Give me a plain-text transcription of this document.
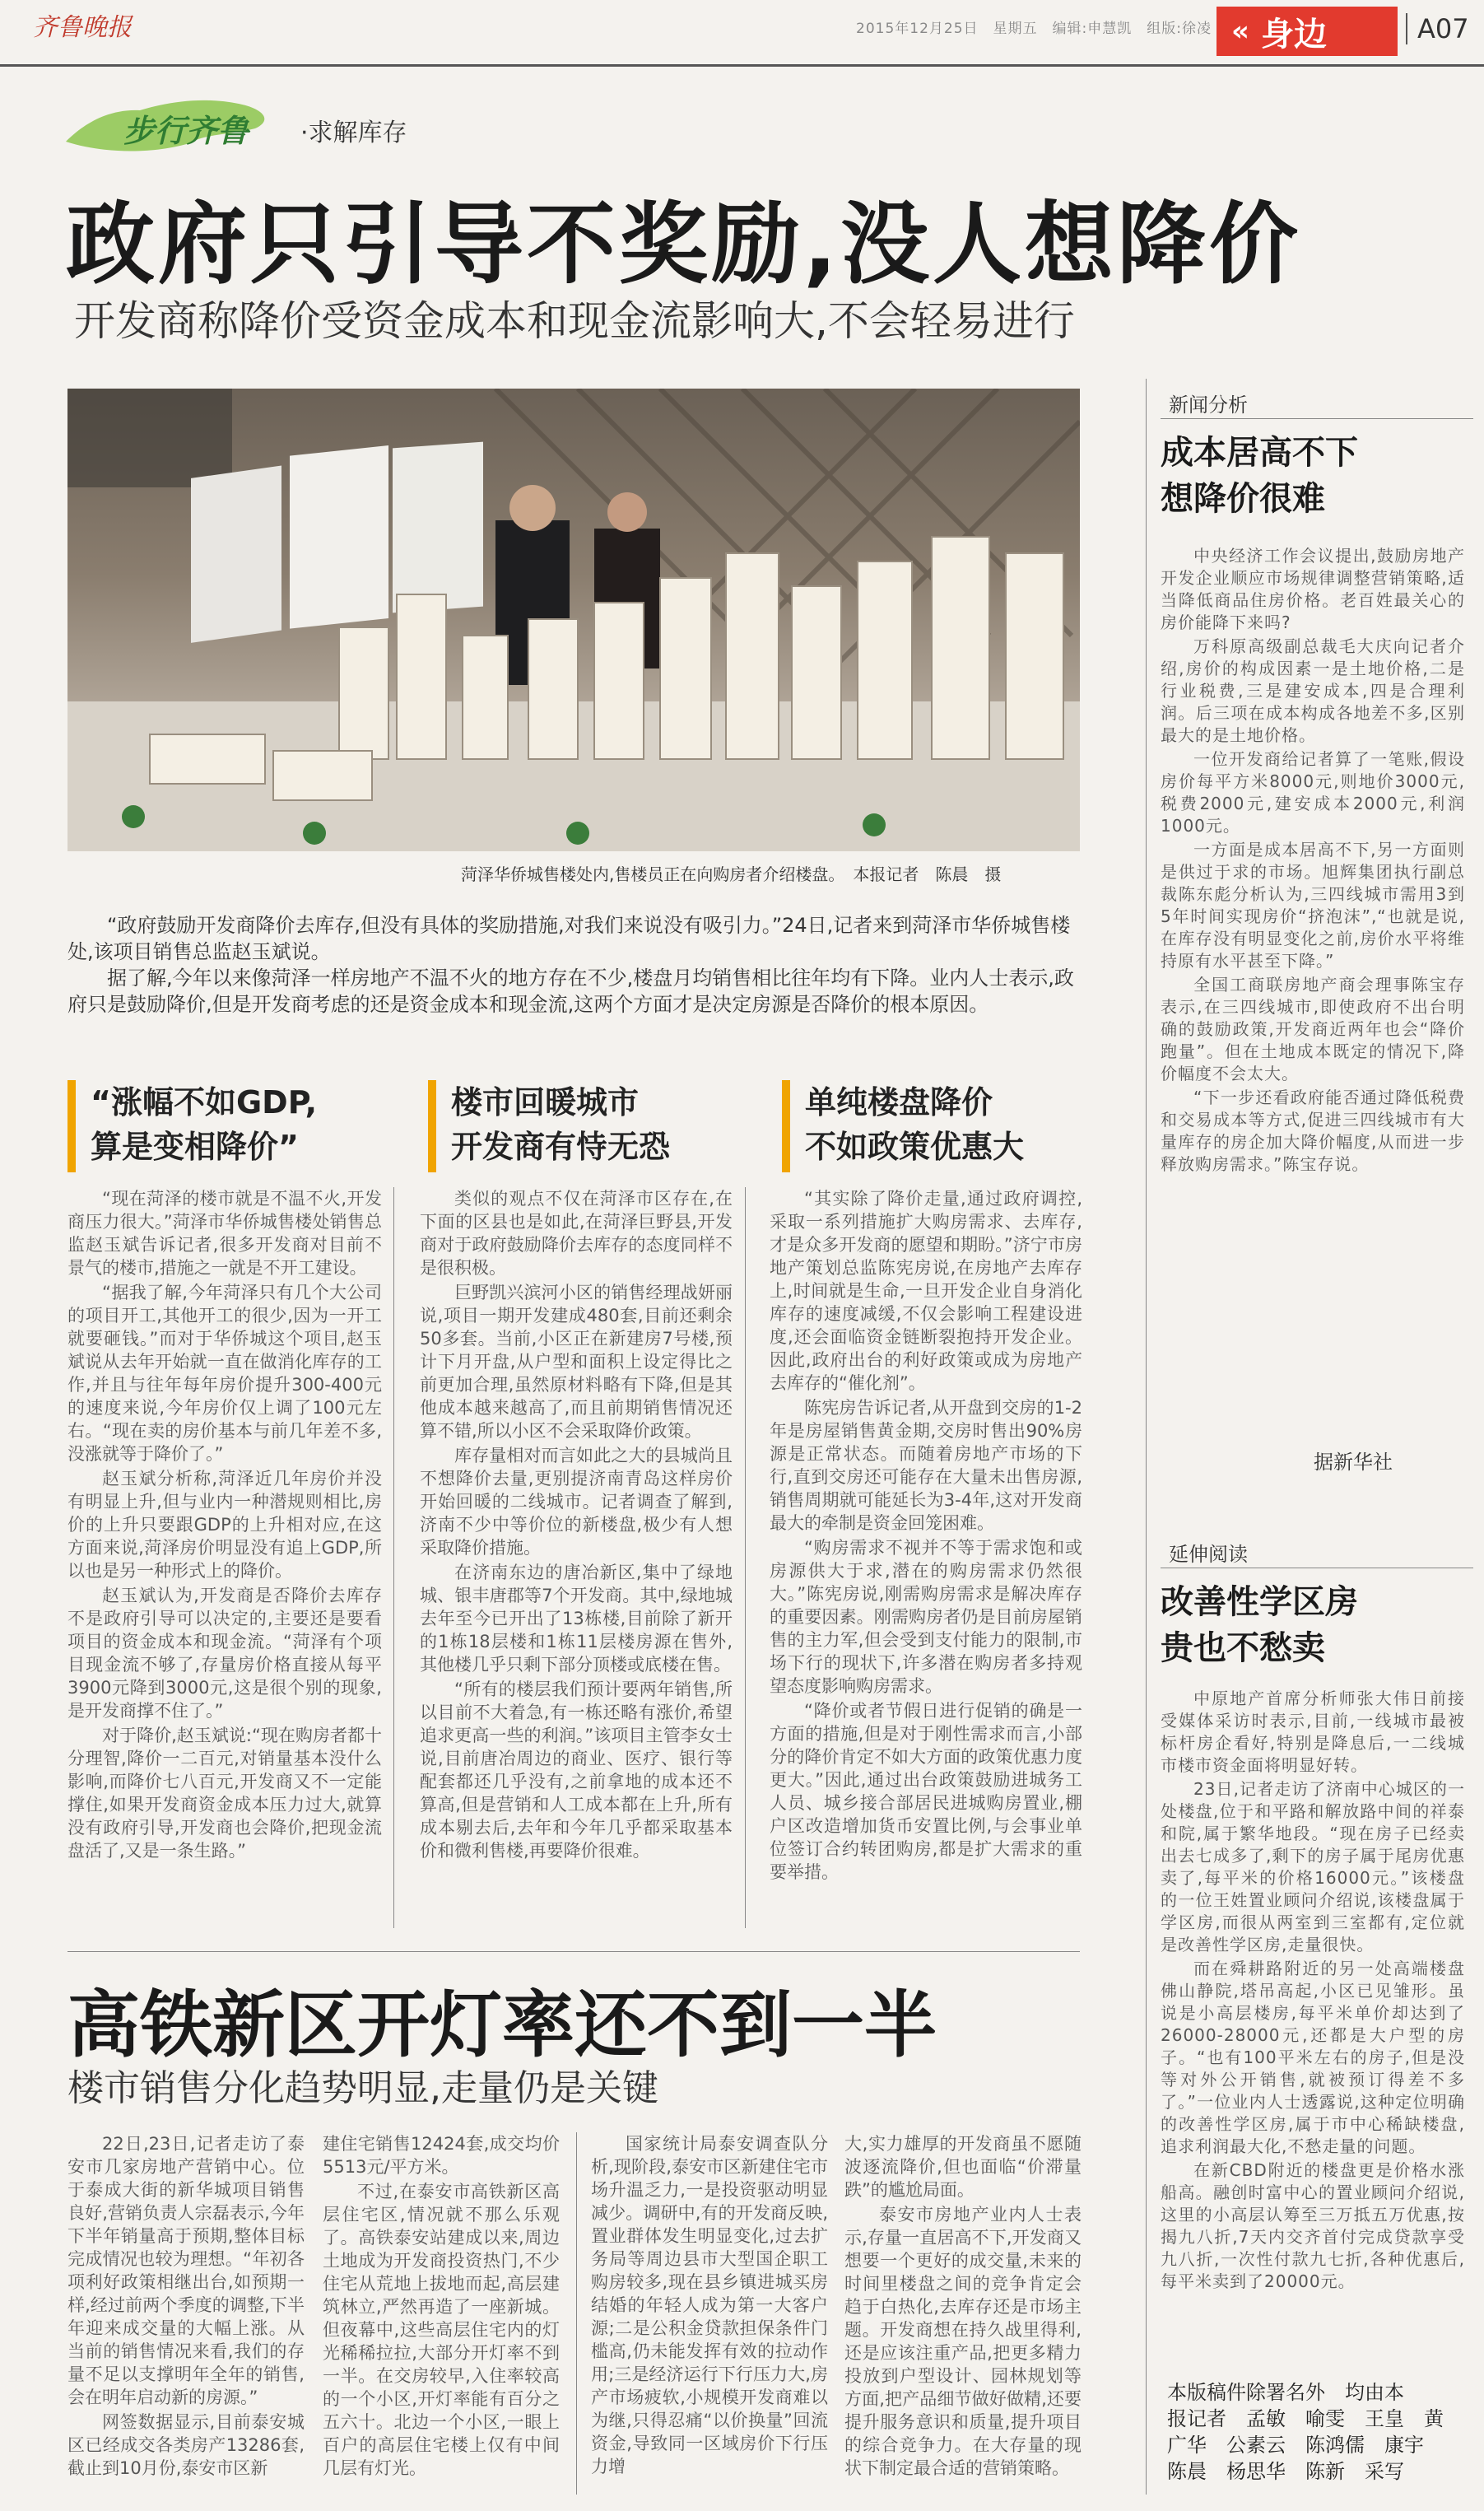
齐鲁晚报	2015年12月25日　星期五　编辑:申慧凯　组版:徐凌 « 身边	A07
步行齐鲁 ·求解库存
政府只引导不奖励,没人想降价
开发商称降价受资金成本和现金流影响大,不会轻易进行
菏泽华侨城售楼处内,售楼员正在向购房者介绍楼盘。　本报记者　陈晨　摄

“政府鼓励开发商降价去库存,但没有具体的奖励措施,对我们来说没有吸引力。”24日,记者来到菏泽市华侨城售楼处,该项目销售总监赵玉斌说。

据了解,今年以来像菏泽一样房地产不温不火的地方存在不少,楼盘月均销售相比往年均有下降。业内人士表示,政府只是鼓励降价,但是开发商考虑的还是资金成本和现金流,这两个方面才是决定房源是否降价的根本原因。

“涨幅不如GDP,
算是变相降价”

“现在菏泽的楼市就是不温不火,开发商压力很大。”菏泽市华侨城售楼处销售总监赵玉斌告诉记者,很多开发商对目前不景气的楼市,措施之一就是不开工建设。

“据我了解,今年菏泽只有几个大公司的项目开工,其他开工的很少,因为一开工就要砸钱。”而对于华侨城这个项目,赵玉斌说从去年开始就一直在做消化库存的工作,并且与往年每年房价提升300-400元的速度来说,今年房价仅上调了100元左右。“现在卖的房价基本与前几年差不多,没涨就等于降价了。”

赵玉斌分析称,菏泽近几年房价并没有明显上升,但与业内一种潜规则相比,房价的上升只要跟GDP的上升相对应,在这方面来说,菏泽房价明显没有追上GDP,所以也是另一种形式上的降价。

赵玉斌认为,开发商是否降价去库存不是政府引导可以决定的,主要还是要看项目的资金成本和现金流。“菏泽有个项目现金流不够了,存量房价格直接从每平3900元降到3000元,这是很个别的现象,是开发商撑不住了。”

对于降价,赵玉斌说:“现在购房者都十分理智,降价一二百元,对销量基本没什么影响,而降价七八百元,开发商又不一定能撑住,如果开发商资金成本压力过大,就算没有政府引导,开发商也会降价,把现金流盘活了,又是一条生路。”

楼市回暖城市
开发商有恃无恐

类似的观点不仅在菏泽市区存在,在下面的区县也是如此,在菏泽巨野县,开发商对于政府鼓励降价去库存的态度同样不是很积极。

巨野凯兴滨河小区的销售经理战妍丽说,项目一期开发建成480套,目前还剩余50多套。当前,小区正在新建房7号楼,预计下月开盘,从户型和面积上设定得比之前更加合理,虽然原材料略有下降,但是其他成本越来越高了,而且前期销售情况还算不错,所以小区不会采取降价政策。

库存量相对而言如此之大的县城尚且不想降价去量,更别提济南青岛这样房价开始回暖的二线城市。记者调查了解到,济南不少中等价位的新楼盘,极少有人想采取降价措施。

在济南东边的唐冶新区,集中了绿地城、银丰唐郡等7个开发商。其中,绿地城去年至今已开出了13栋楼,目前除了新开的1栋18层楼和1栋11层楼房源在售外,其他楼几乎只剩下部分顶楼或底楼在售。

“所有的楼层我们预计要两年销售,所以目前不大着急,有一栋还略有涨价,希望追求更高一些的利润。”该项目主管李女士说,目前唐冶周边的商业、医疗、银行等配套都还几乎没有,之前拿地的成本还不算高,但是营销和人工成本都在上升,所有成本剔去后,去年和今年几乎都采取基本价和微利售楼,再要降价很难。

单纯楼盘降价
不如政策优惠大

“其实除了降价走量,通过政府调控,采取一系列措施扩大购房需求、去库存,才是众多开发商的愿望和期盼。”济宁市房地产策划总监陈宪房说,在房地产去库存上,时间就是生命,一旦开发企业自身消化库存的速度减缓,不仅会影响工程建设进度,还会面临资金链断裂抱持开发企业。因此,政府出台的利好政策或成为房地产去库存的“催化剂”。

陈宪房告诉记者,从开盘到交房的1-2年是房屋销售黄金期,交房时售出90%房源是正常状态。而随着房地产市场的下行,直到交房还可能存在大量未出售房源,销售周期就可能延长为3-4年,这对开发商最大的牵制是资金回笼困难。

“购房需求不视并不等于需求饱和或房源供大于求,潜在的购房需求仍然很大。”陈宪房说,刚需购房需求是解决库存的重要因素。刚需购房者仍是目前房屋销售的主力军,但会受到支付能力的限制,市场下行的现状下,许多潜在购房者多持观望态度影响购房需求。

“降价或者节假日进行促销的确是一方面的措施,但是对于刚性需求而言,小部分的降价肯定不如大方面的政策优惠力度更大。”因此,通过出台政策鼓励进城务工人员、城乡接合部居民进城购房置业,棚户区改造增加货币安置比例,与会事业单位签订合约转团购房,都是扩大需求的重要举措。

高铁新区开灯率还不到一半
楼市销售分化趋势明显,走量仍是关键

22日,23日,记者走访了泰安市几家房地产营销中心。位于泰成大街的新华城项目销售良好,营销负责人宗磊表示,今年下半年销量高于预期,整体目标完成情况也较为理想。“年初各项利好政策相继出台,如预期一样,经过前两个季度的调整,下半年迎来成交量的大幅上涨。从当前的销售情况来看,我们的存量不足以支撑明年全年的销售,会在明年启动新的房源。”

网签数据显示,目前泰安城区已经成交各类房产13286套,截止到10月份,泰安市区新

建住宅销售12424套,成交均价5513元/平方米。

不过,在泰安市高铁新区高层住宅区,情况就不那么乐观了。高铁泰安站建成以来,周边土地成为开发商投资热门,不少住宅从荒地上拔地而起,高层建筑林立,严然再造了一座新城。但夜幕中,这些高层住宅内的灯光稀稀拉拉,大部分开灯率不到一半。在交房较早,入住率较高的一个小区,开灯率能有百分之五六十。北边一个小区,一眼上百户的高层住宅楼上仅有中间几层有灯光。

国家统计局泰安调查队分析,现阶段,泰安市区新建住宅市场升温乏力,一是投资驱动明显减少。调研中,有的开发商反映,置业群体发生明显变化,过去扩务局等周边县市大型国企职工购房较多,现在县乡镇进城买房结婚的年轻人成为第一大客户源;二是公积金贷款担保条件门槛高,仍未能发挥有效的拉动作用;三是经济运行下行压力大,房产市场疲软,小规模开发商难以为继,只得忍痛“以价换量”回流资金,导致同一区域房价下行压力增

大,实力雄厚的开发商虽不愿随波逐流降价,但也面临“价滞量跌”的尴尬局面。

泰安市房地产业内人士表示,存量一直居高不下,开发商又想要一个更好的成交量,未来的时间里楼盘之间的竞争肯定会趋于白热化,去库存还是市场主题。开发商想在持久战里得利,还是应该注重产品,把更多精力投放到户型设计、园林规划等方面,把产品细节做好做精,还要提升服务意识和质量,提升项目的综合竞争力。在大存量的现状下制定最合适的营销策略。

新闻分析
成本居高不下
想降价很难

中央经济工作会议提出,鼓励房地产开发企业顺应市场规律调整营销策略,适当降低商品住房价格。老百姓最关心的房价能降下来吗?

万科原高级副总裁毛大庆向记者介绍,房价的构成因素一是土地价格,二是行业税费,三是建安成本,四是合理利润。后三项在成本构成各地差不多,区别最大的是土地价格。

一位开发商给记者算了一笔账,假设房价每平方米8000元,则地价3000元,税费2000元,建安成本2000元,利润1000元。

一方面是成本居高不下,另一方面则是供过于求的市场。旭辉集团执行副总裁陈东彪分析认为,三四线城市需用3到5年时间实现房价“挤泡沫”,“也就是说,在库存没有明显变化之前,房价水平将维持原有水平甚至下降。”

全国工商联房地产商会理事陈宝存表示,在三四线城市,即使政府不出台明确的鼓励政策,开发商近两年也会“降价跑量”。但在土地成本既定的情况下,降价幅度不会太大。

“下一步还看政府能否通过降低税费和交易成本等方式,促进三四线城市有大量库存的房企加大降价幅度,从而进一步释放购房需求。”陈宝存说。

据新华社
延伸阅读
改善性学区房
贵也不愁卖

中原地产首席分析师张大伟日前接受媒体采访时表示,目前,一线城市最被标杆房企看好,特别是降息后,一二线城市楼市资金面将明显好转。

23日,记者走访了济南中心城区的一处楼盘,位于和平路和解放路中间的祥泰和院,属于繁华地段。“现在房子已经卖出去七成多了,剩下的房子属于尾房优惠卖了,每平米的价格16000元。”该楼盘的一位王姓置业顾问介绍说,该楼盘属于学区房,而很从两室到三室都有,定位就是改善性学区房,走量很快。

而在舜耕路附近的另一处高端楼盘佛山静院,塔吊高起,小区已见雏形。虽说是小高层楼房,每平米单价却达到了26000-28000元,还都是大户型的房子。“也有100平米左右的房子,但是没等对外公开销售,就被预订得差不多了。”一位业内人士透露说,这种定位明确的改善性学区房,属于市中心稀缺楼盘,追求利润最大化,不愁走量的问题。

在新CBD附近的楼盘更是价格水涨船高。融创时富中心的置业顾问介绍说,这里的小高层认筹至三万抵五万优惠,按揭九八折,7天内交齐首付完成贷款享受九八折,一次性付款九七折,各种优惠后,每平米卖到了20000元。

本版稿件除署名外　均由本
报记者　孟敏　喻雯　王皇　黄
广华　公素云　陈鸿儒　康宇
陈晨　杨思华　陈新　采写
